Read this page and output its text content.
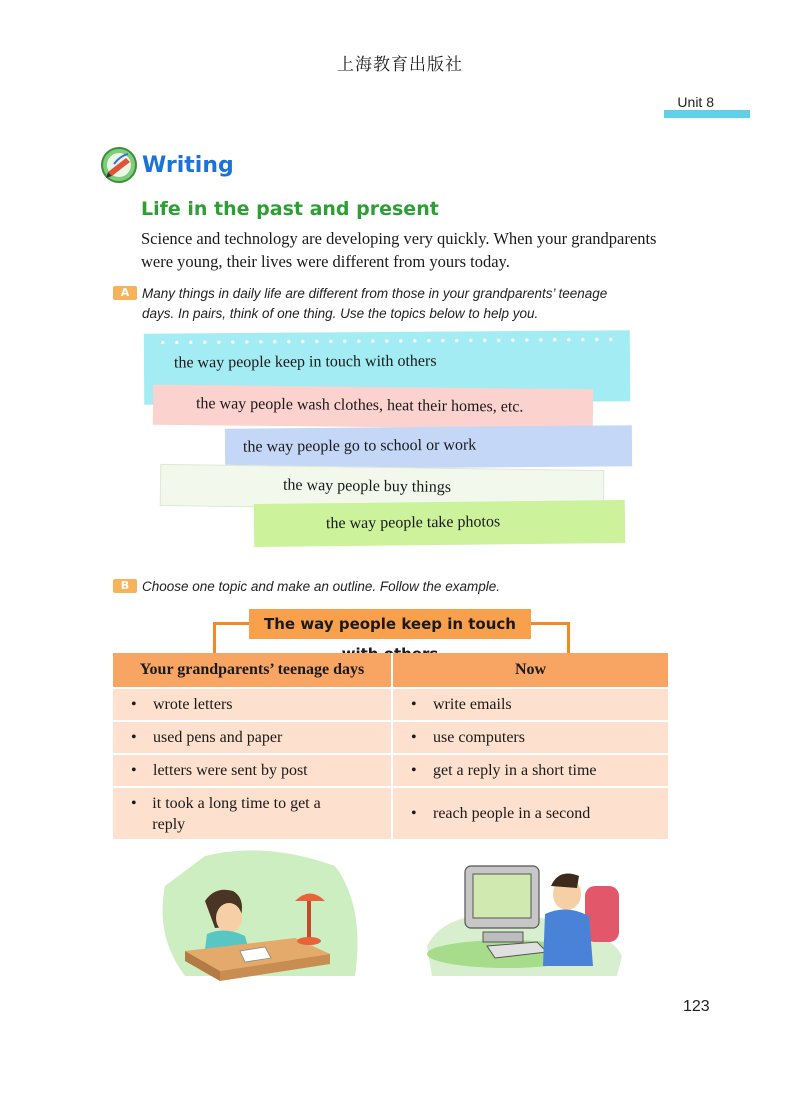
上海教育出版社
Unit 8
Writing
Life in the past and present
Science and technology are developing very quickly. When your grandparents were young, their lives were different from yours today.
A Many things in daily life are different from those in your grandparents’ teenage
days. In pairs, think of one thing. Use the topics below to help you.
the way people keep in touch with others
the way people wash clothes, heat their homes, etc.
the way people go to school or work
the way people buy things
the way people take photos
B Choose one topic and make an outline. Follow the example.
The way people keep in touch
Your grandparents’ teenage days	Now

• wrote letters	• write emails

• used pens and paper	• use computers

• letters were sent by post	• get a reply in a short time

• it took a long time to get a reply	• reach people in a second
123
